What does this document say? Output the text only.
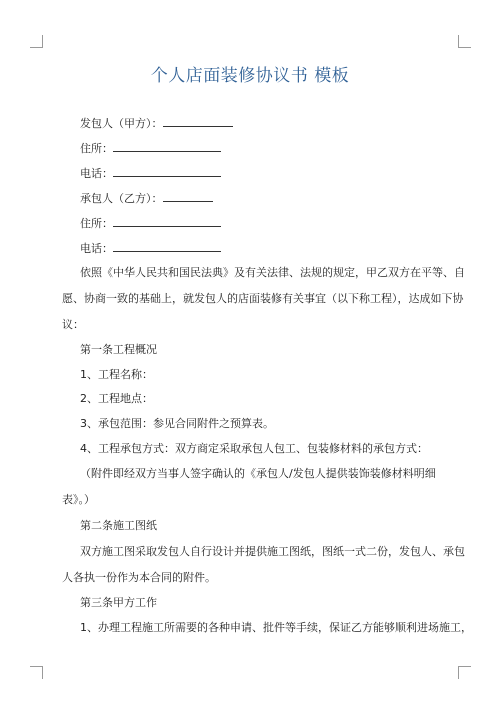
个人店面装修协议书 模板
发包人（甲方）：
住所：
电话：
承包人（乙方）：
住所：
电话：
依照《中华人民共和国民法典》及有关法律、法规的规定，甲乙双方在平等、自
愿、协商一致的基础上，就发包人的店面装修有关事宜（以下称工程），达成如下协
议：
第一条工程概况
1、工程名称：
2、工程地点：
3、承包范围：参见合同附件之预算表。
4、工程承包方式：双方商定采取承包人包工、包装修材料的承包方式：
（附件即经双方当事人签字确认的《承包人/发包人提供装饰装修材料明细
表》。）
第二条施工图纸
双方施工图采取发包人自行设计并提供施工图纸，图纸一式二份，发包人、承包
人各执一份作为本合同的附件。
第三条甲方工作
1、办理工程施工所需要的各种申请、批件等手续，保证乙方能够顺利进场施工，
